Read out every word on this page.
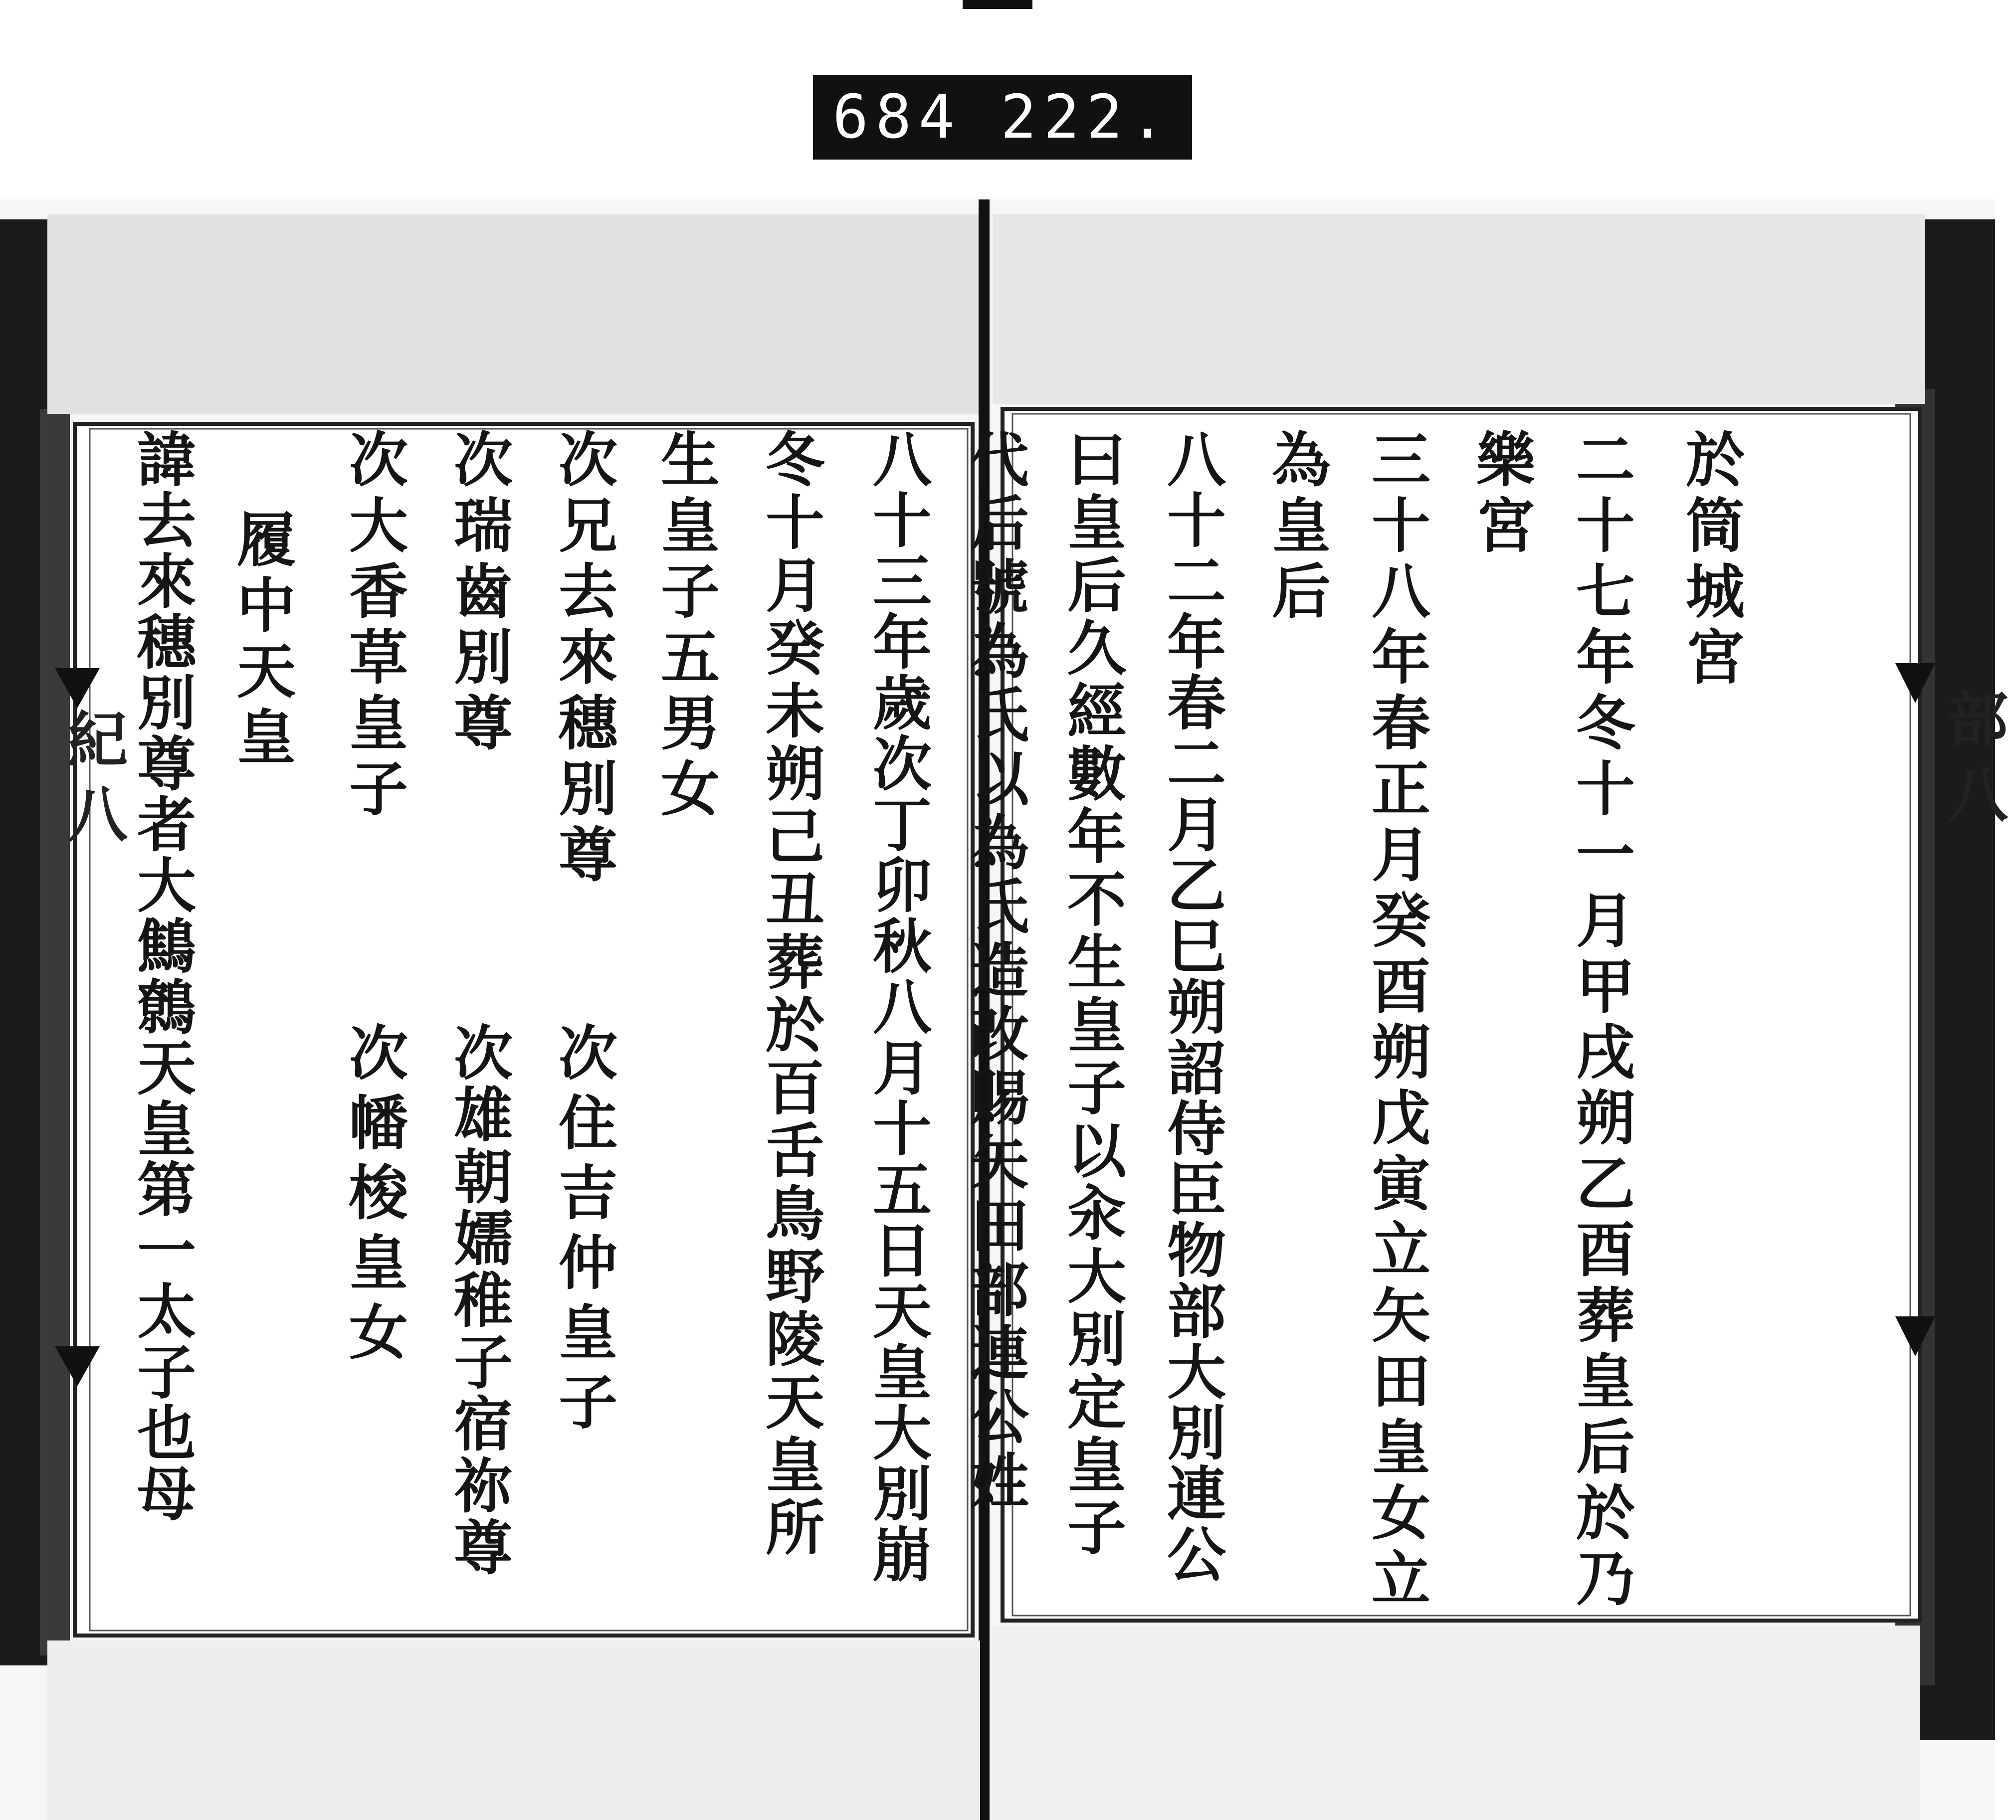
684 222.
部八
紀八
於筒城宮
二十七年冬十一月甲戌朔乙酉葬皇后於乃
樂宮
三十八年春正月癸酉朔戊寅立矢田皇女立
為皇后
八十二年春二月乙巳朔詔侍臣物部大別連公
曰皇后久經數年不生皇子以汆大別定皇子
代后號為氏以為氏造改賜矢田部連公姓
八十三年歲次丁卯秋八月十五日天皇大別崩
冬十月癸未朔己丑葬於百舌鳥野陵天皇所
生皇子五男女
次兄去來穗別尊
次瑞齒別尊
次大香草皇子
履中天皇
諱去來穗別尊者大鷦鷯天皇第一太子也母	次住吉仲皇子
次雄朝嬬稚子宿祢尊
次幡梭皇女
